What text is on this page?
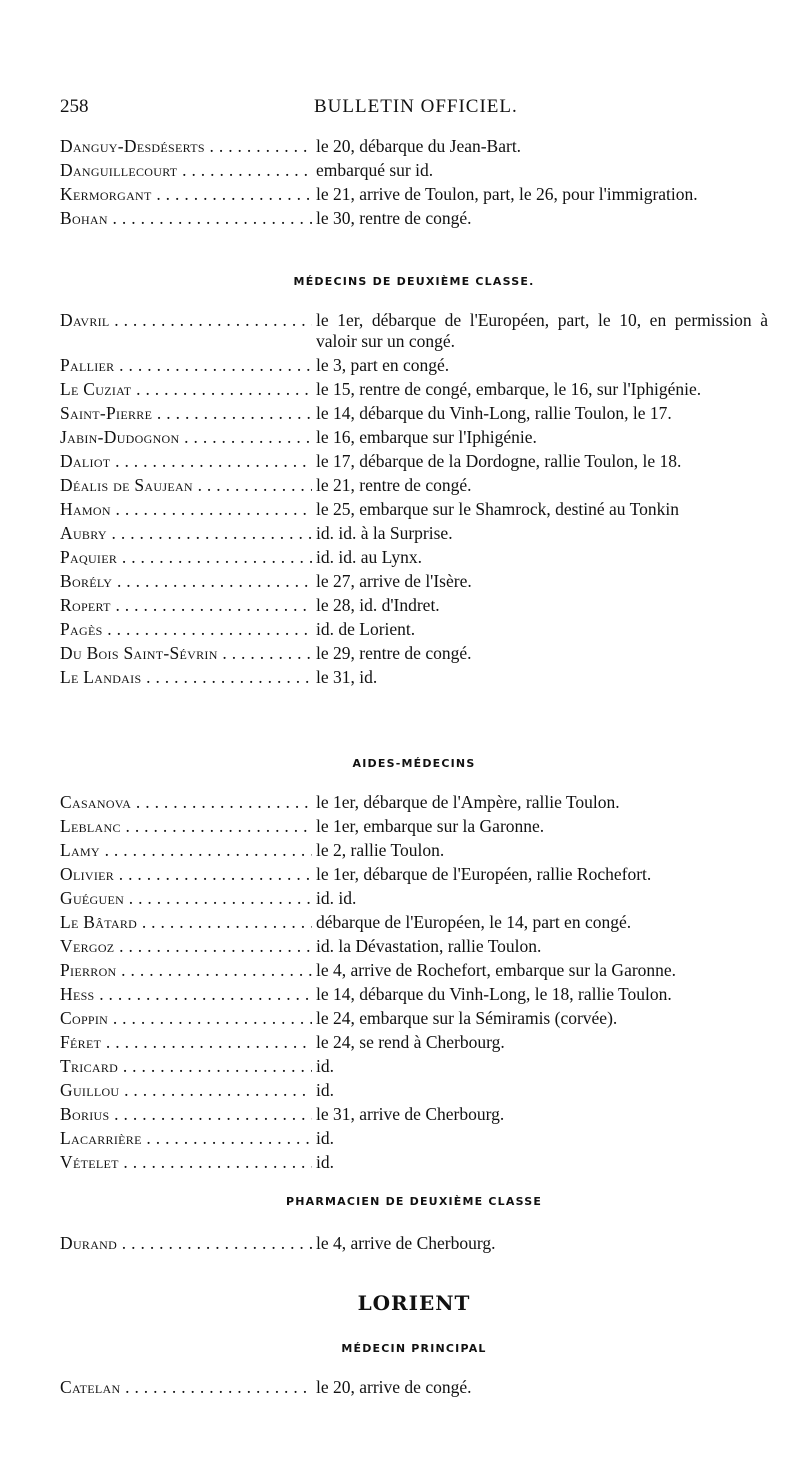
258	BULLETIN OFFICIEL.
Danguy-Desdéserts . . .	le 20, débarque du Jean-Bart.
Danguillecourt . . .	embarqué sur id.
Kermorgant . . .	le 21, arrive de Toulon, part, le 26, pour l'immigration.
Bohan . . .	le 30, rentre de congé.
MÉDECINS DE DEUXIÈME CLASSE.
Davril . . .	le 1er, débarque de l'Européen, part, le 10, en permission à valoir sur un congé.
Pallier . . .	le 3, part en congé.
Le Cuziat . . .	le 15, rentre de congé, embarque, le 16, sur l'Iphigénie.
Saint-Pierre . . .	le 14, débarque du Vinh-Long, rallie Toulon, le 17.
Jabin-Dudognon . . .	le 16, embarque sur l'Iphigénie.
Daliot . . .	le 17, débarque de la Dordogne, rallie Toulon, le 18.
Déalis de Saujean . . .	le 21, rentre de congé.
Hamon . . .	le 25, embarque sur le Shamrock, destiné au Tonkin
Aubry . . .	id. id. à la Surprise.
Paquier . . .	id. id. au Lynx.
Borély . . .	le 27, arrive de l'Isère.
Ropert . . .	le 28, id. d'Indret.
Pagès . . .	id. de Lorient.
Du Bois Saint-Sévrin . . .	le 29, rentre de congé.
Le Landais . . .	le 31, id.
AIDES-MÉDECINS
Casanova . . .	le 1er, débarque de l'Ampère, rallie Toulon.
Leblanc . . .	le 1er, embarque sur la Garonne.
Lamy . . .	le 2, rallie Toulon.
Olivier . . .	le 1er, débarque de l'Européen, rallie Rochefort.
Guéguen . . .	id. id.
Le Bâtard . . .	débarque de l'Européen, le 14, part en congé.
Vergoz . . .	id. la Dévastation, rallie Toulon.
Pierron . . .	le 4, arrive de Rochefort, embarque sur la Garonne.
Hess . . .	le 14, débarque du Vinh-Long, le 18, rallie Toulon.
Coppin . . .	le 24, embarque sur la Sémiramis (corvée).
Féret . . .	le 24, se rend à Cherbourg.
Tricard . . .	id.
Guillou . . .	id.
Borius . . .	le 31, arrive de Cherbourg.
Lacarrière . . .	id.
Vételet . . .	id.
PHARMACIEN DE DEUXIÈME CLASSE
Durand . . .	le 4, arrive de Cherbourg.
LORIENT
MÉDECIN PRINCIPAL
Catelan . . .	le 20, arrive de congé.
